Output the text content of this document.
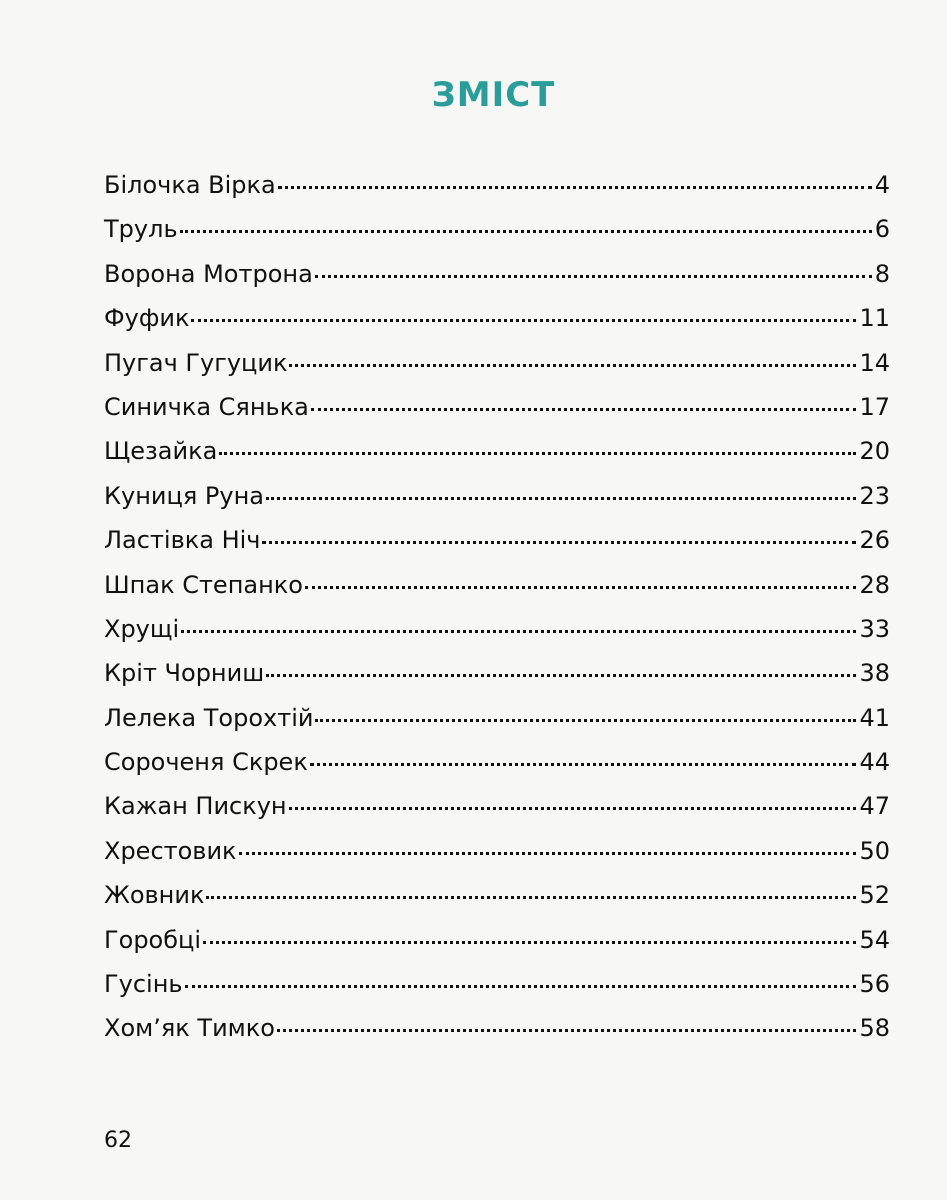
ЗМІСТ
Білочка Вірка	4
Труль	6
Ворона Мотрона	8
Фуфик	11
Пугач Гугуцик	14
Синичка Сянька	17
Щезайка	20
Куниця Руна	23
Ластівка Ніч	26
Шпак Степанко	28
Хрущі	33
Кріт Чорниш	38
Лелека Торохтій	41
Сороченя Скрек	44
Кажан Пискун	47
Хрестовик	50
Жовник	52
Горобці	54
Гусінь	56
Хом’як Тимко	58
62
